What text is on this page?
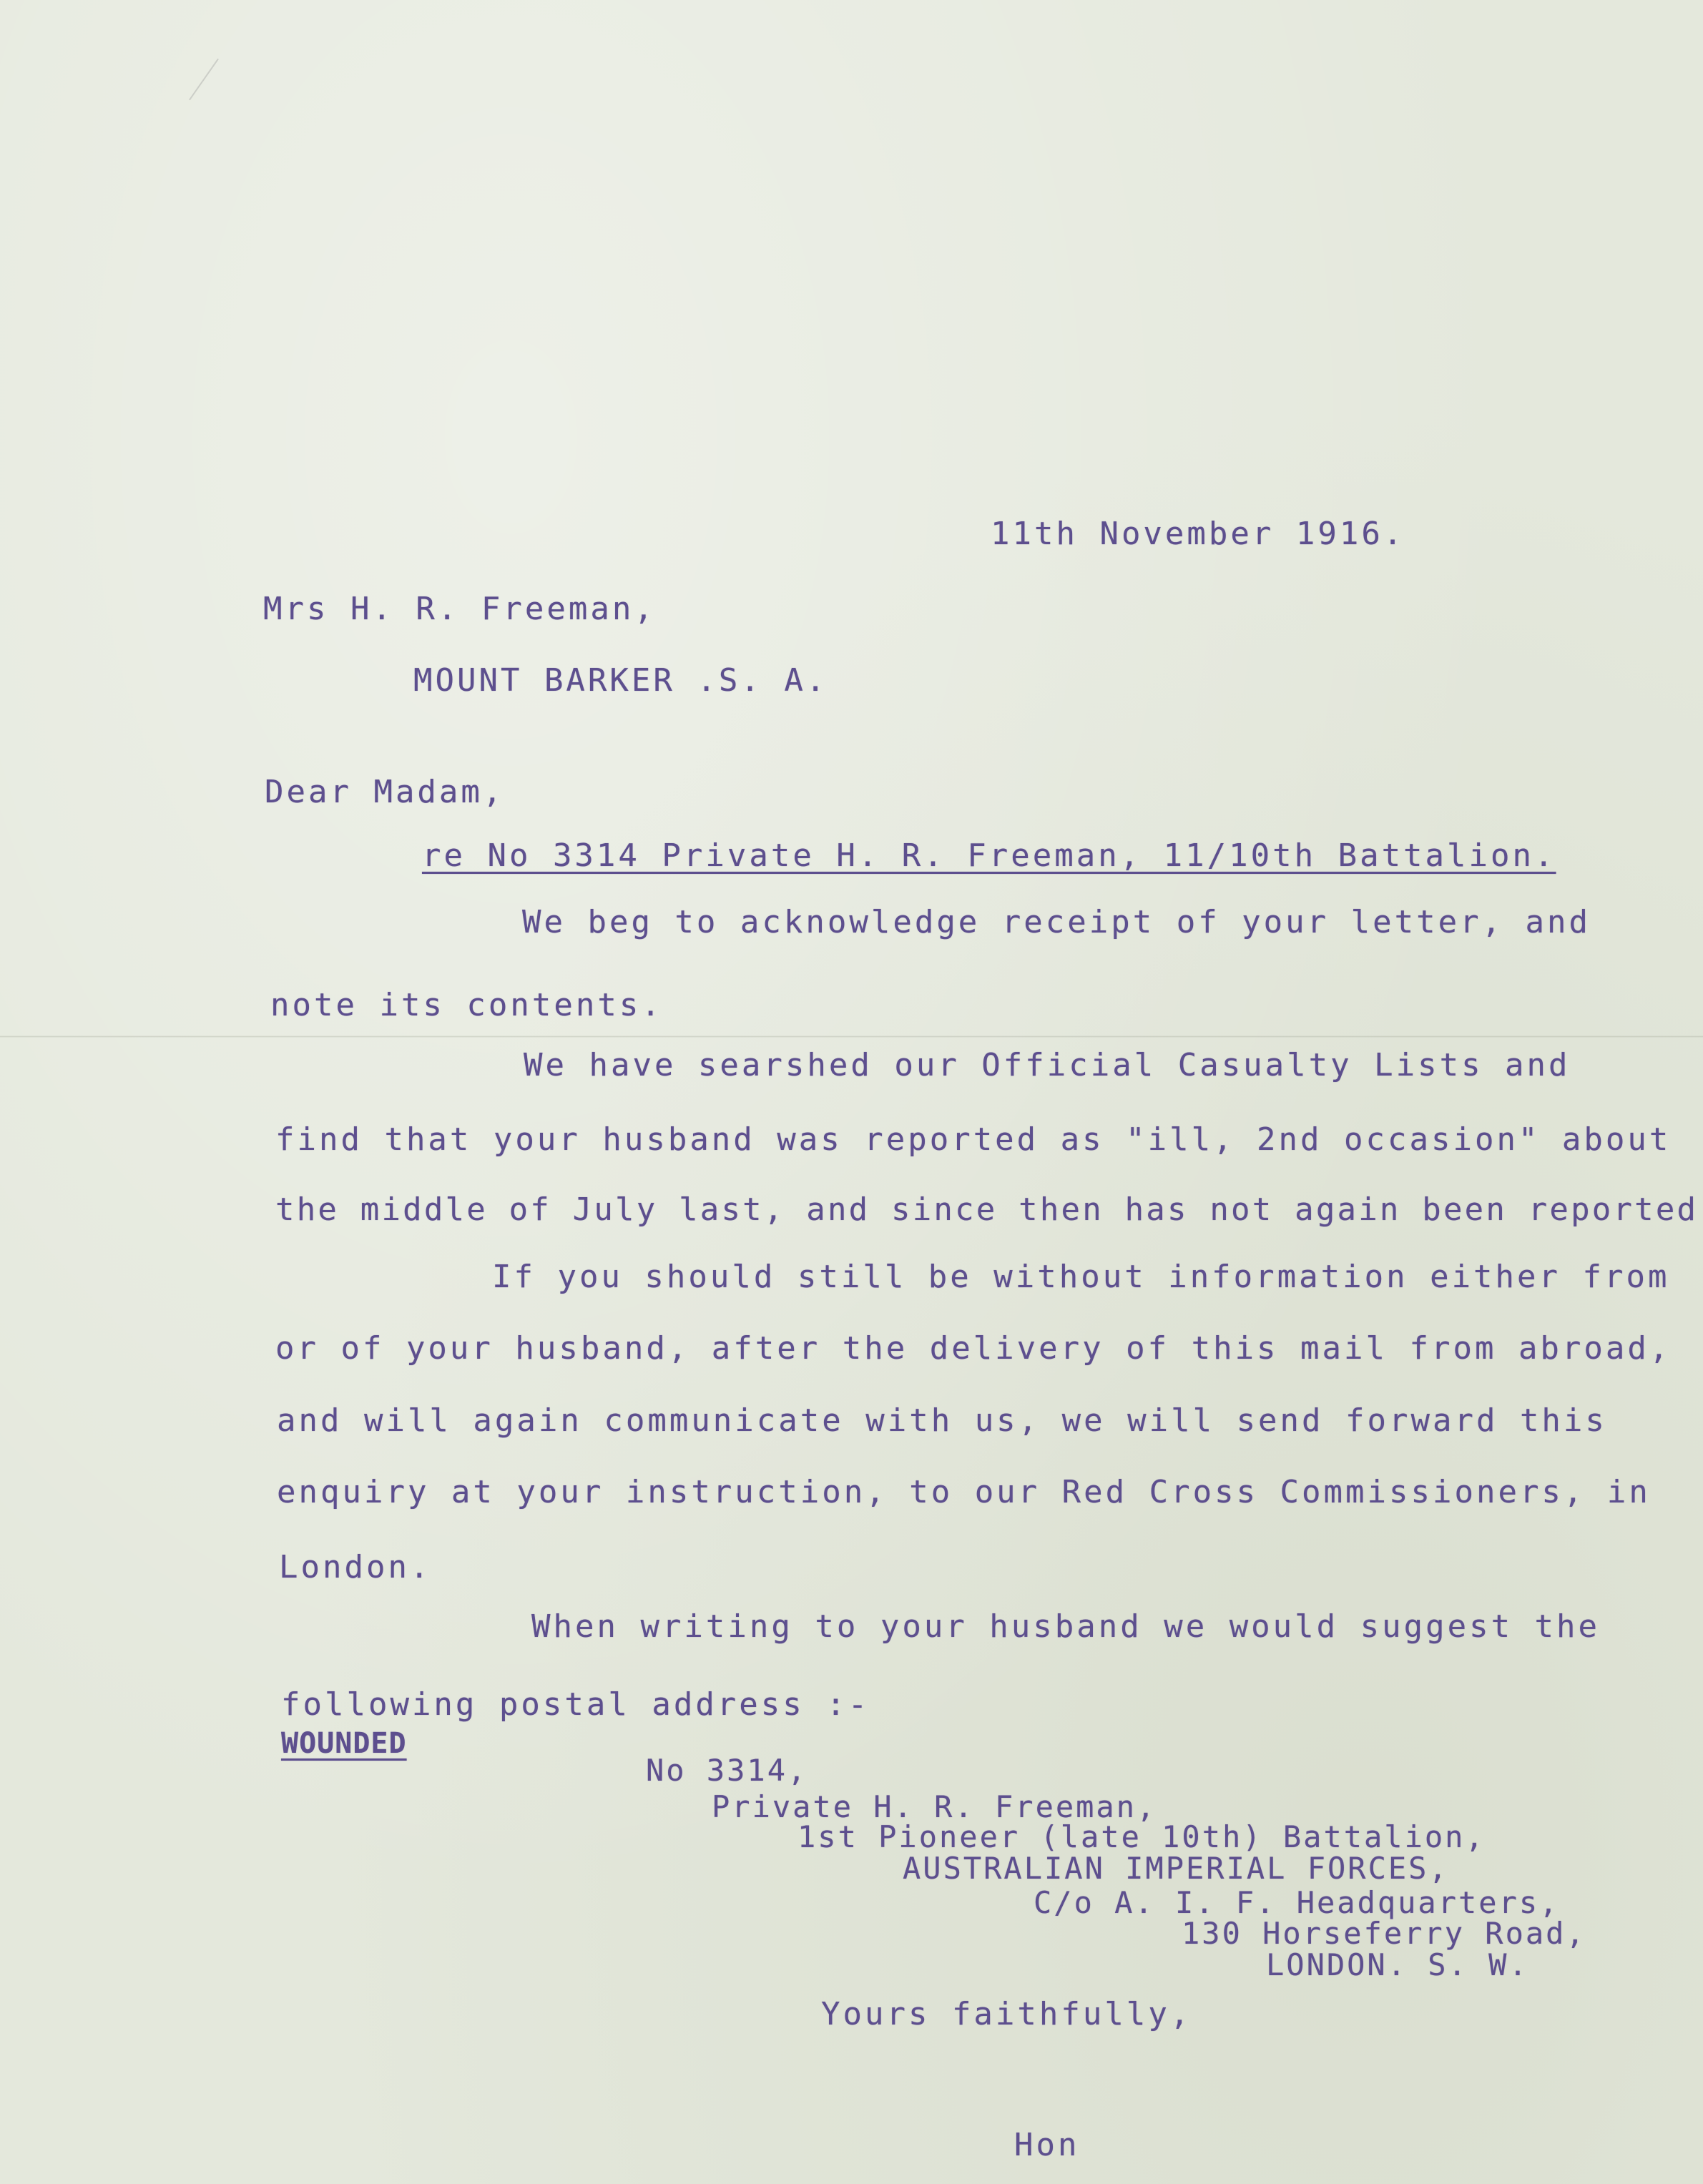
11th November 1916.
Mrs H. R. Freeman,
MOUNT BARKER .S. A.
Dear Madam,
re No 3314 Private H. R. Freeman, 11/10th Battalion.
We beg to acknowledge receipt of your letter, and
note its contents.
We have searshed our Official Casualty Lists and
find that your husband was reported as "ill, 2nd occasion" about
the middle of July last, and since then has not again been reported
If you should still be without information either from
or of your husband, after the delivery of this mail from abroad,
and will again communicate with us, we will send forward this
enquiry at your instruction, to our Red Cross Commissioners, in
London.
When writing to your husband we would suggest the
following postal address :-
WOUNDED
No 3314,
Private H. R. Freeman,
1st Pioneer (late 10th) Battalion,
AUSTRALIAN IMPERIAL FORCES,
C/o A. I. F. Headquarters,
130 Horseferry Road,
LONDON. S. W.
Yours faithfully,
Hon
